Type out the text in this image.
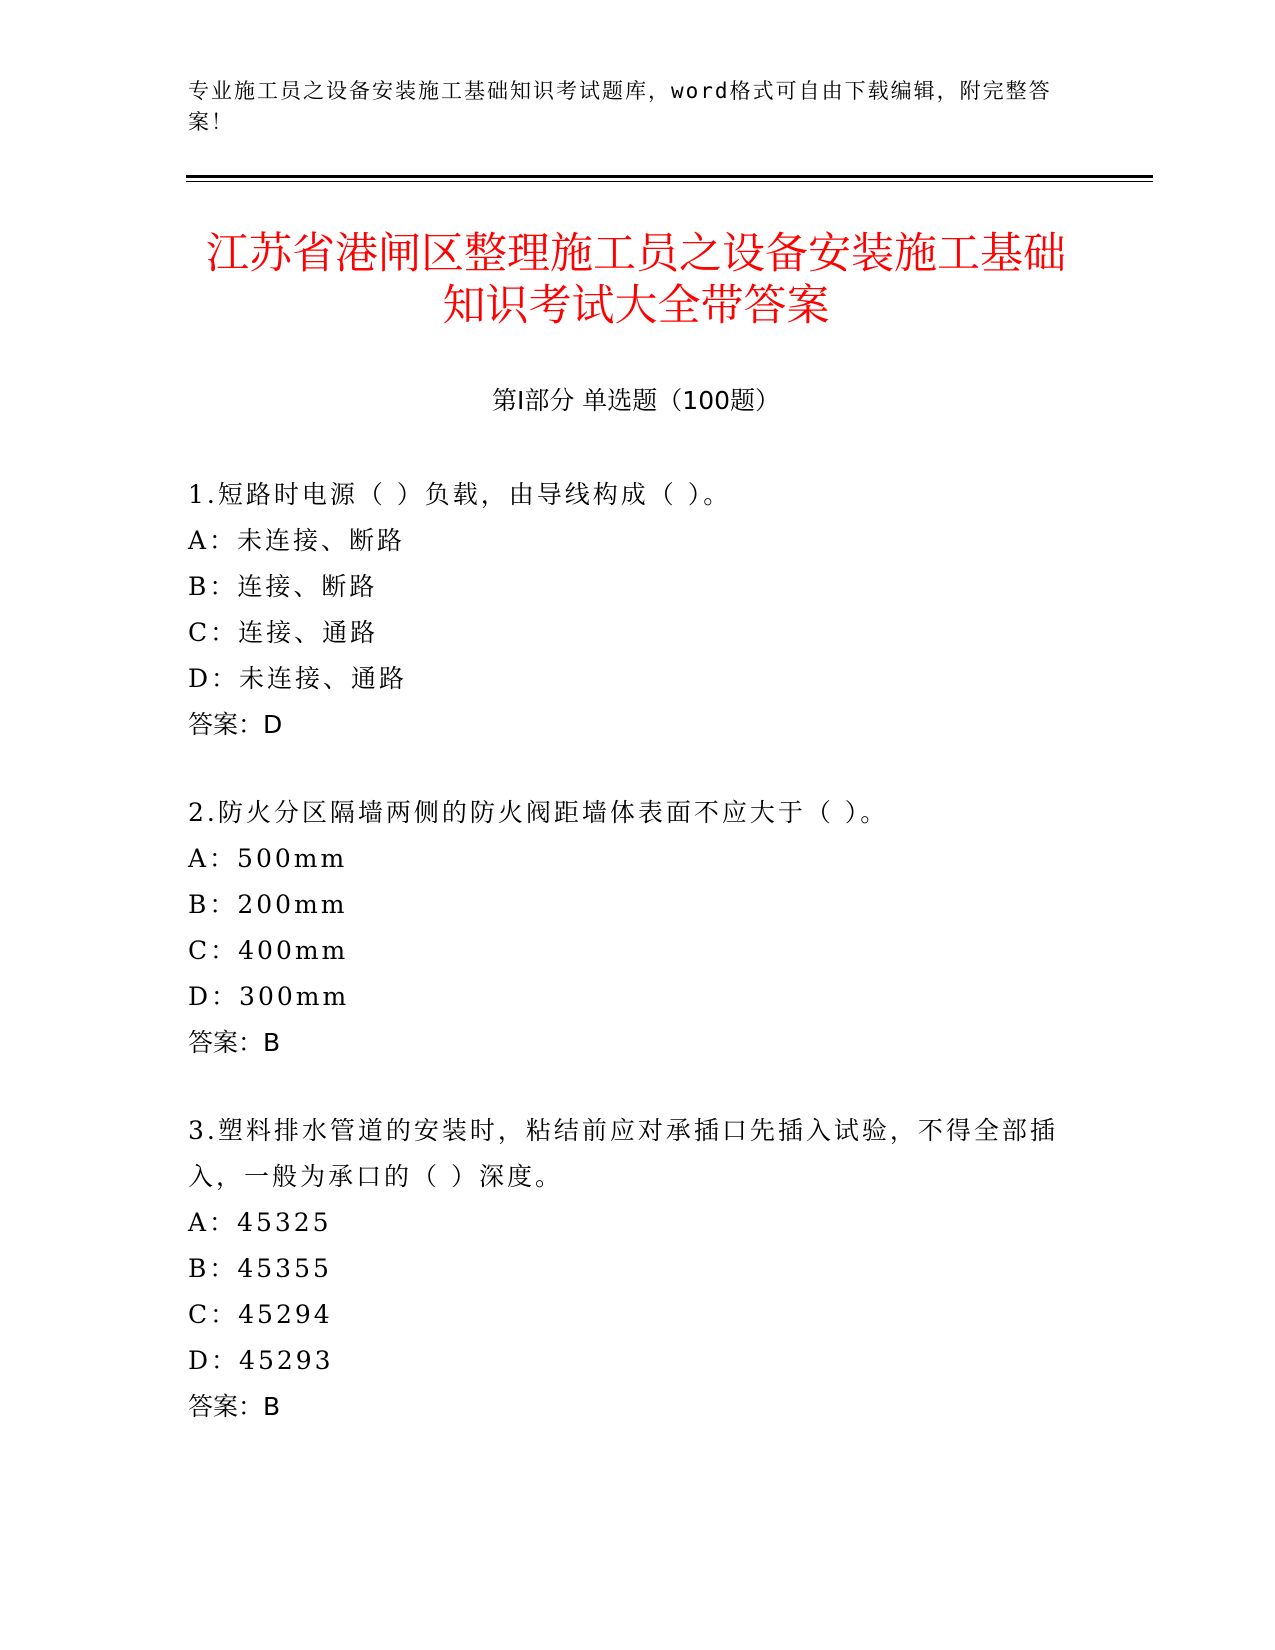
专业施工员之设备安装施工基础知识考试题库，word格式可自由下载编辑，附完整答案！
江苏省港闸区整理施工员之设备安装施工基础知识考试大全带答案
第Ⅰ部分 单选题（100题）
1.短路时电源（ ）负载，由导线构成（ ）。
A：未连接、断路
B：连接、断路
C：连接、通路
D：未连接、通路
答案：D
2.防火分区隔墙两侧的防火阀距墙体表面不应大于（ ）。
A：500mm
B：200mm
C：400mm
D：300mm
答案：B
3.塑料排水管道的安装时，粘结前应对承插口先插入试验，不得全部插入，一般为承口的（ ）深度。
A：45325
B：45355
C：45294
D：45293
答案：B
